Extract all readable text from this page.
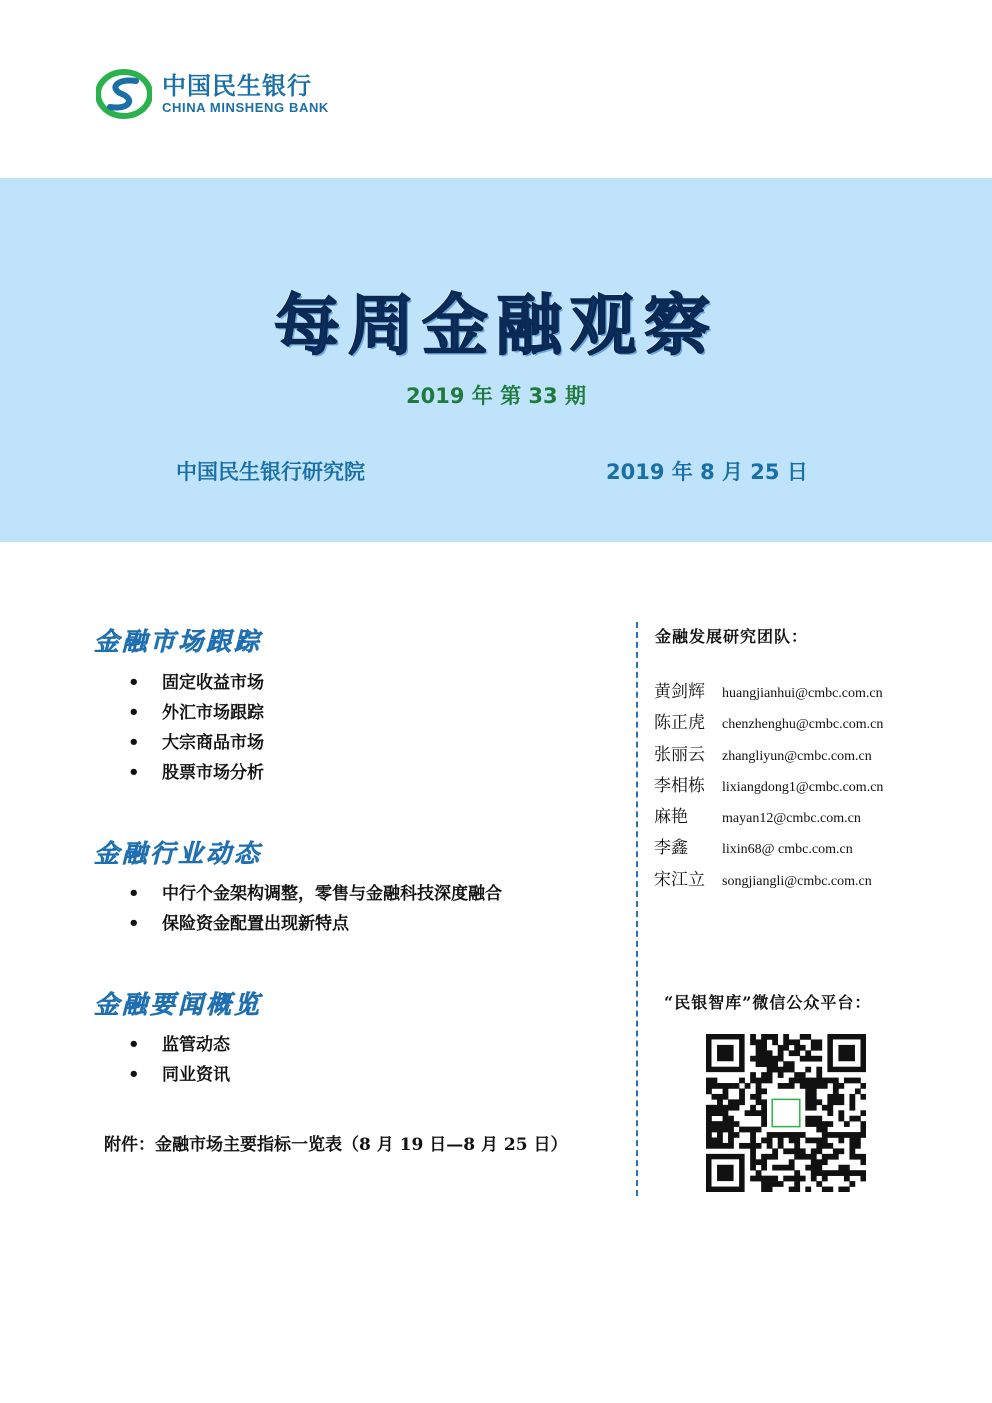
中国民生银行
CHINA MINSHENG BANK
每周金融观察
2019 年 第 33 期
中国民生银行研究院	2019 年 8 月 25 日
金融市场跟踪
• 固定收益市场
• 外汇市场跟踪
• 大宗商品市场
• 股票市场分析
金融行业动态
• 中行个金架构调整，零售与金融科技深度融合
• 保险资金配置出现新特点
金融要闻概览
• 监管动态
• 同业资讯
附件：金融市场主要指标一览表（8 月 19 日—8 月 25 日）
金融发展研究团队：
黄剑辉 huangjianhui@cmbc.com.cn
陈正虎 chenzhenghu@cmbc.com.cn
张丽云 zhangliyun@cmbc.com.cn
李相栋 lixiangdong1@cmbc.com.cn
麻艳 mayan12@cmbc.com.cn
李鑫 lixin68@ cmbc.com.cn
宋江立 songjiangli@cmbc.com.cn
“民银智库”微信公众平台：
